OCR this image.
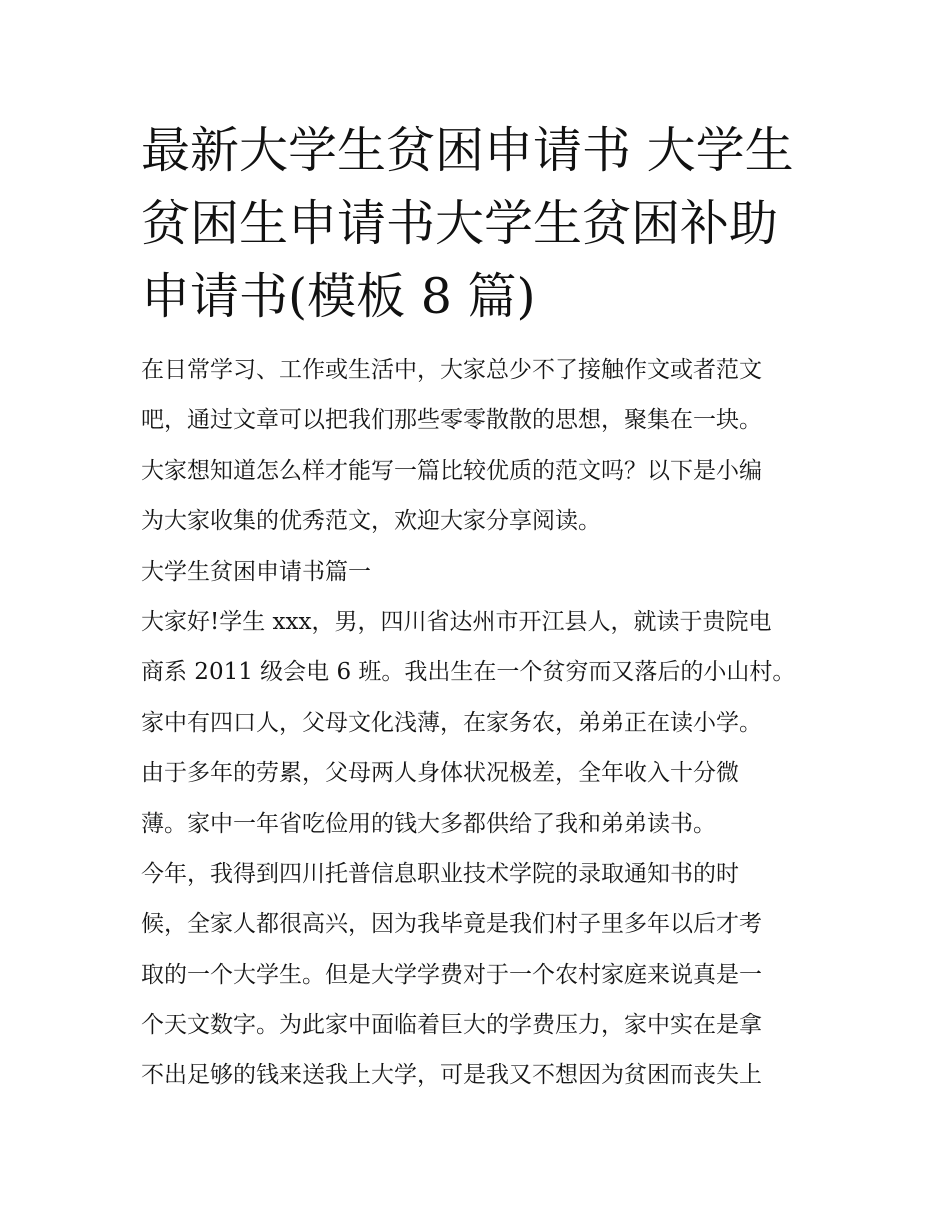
最新大学生贫困申请书 大学生
贫困生申请书大学生贫困补助
申请书(模板 8 篇)
在日常学习、工作或生活中，大家总少不了接触作文或者范文
吧，通过文章可以把我们那些零零散散的思想，聚集在一块。
大家想知道怎么样才能写一篇比较优质的范文吗？以下是小编
为大家收集的优秀范文，欢迎大家分享阅读。
大学生贫困申请书篇一
大家好!学生 xxx，男，四川省达州市开江县人，就读于贵院电
商系 2011 级会电 6 班。我出生在一个贫穷而又落后的小山村。
家中有四口人，父母文化浅薄，在家务农，弟弟正在读小学。
由于多年的劳累，父母两人身体状况极差，全年收入十分微
薄。家中一年省吃俭用的钱大多都供给了我和弟弟读书。
今年，我得到四川托普信息职业技术学院的录取通知书的时
候，全家人都很高兴，因为我毕竟是我们村子里多年以后才考
取的一个大学生。但是大学学费对于一个农村家庭来说真是一
个天文数字。为此家中面临着巨大的学费压力，家中实在是拿
不出足够的钱来送我上大学，可是我又不想因为贫困而丧失上
